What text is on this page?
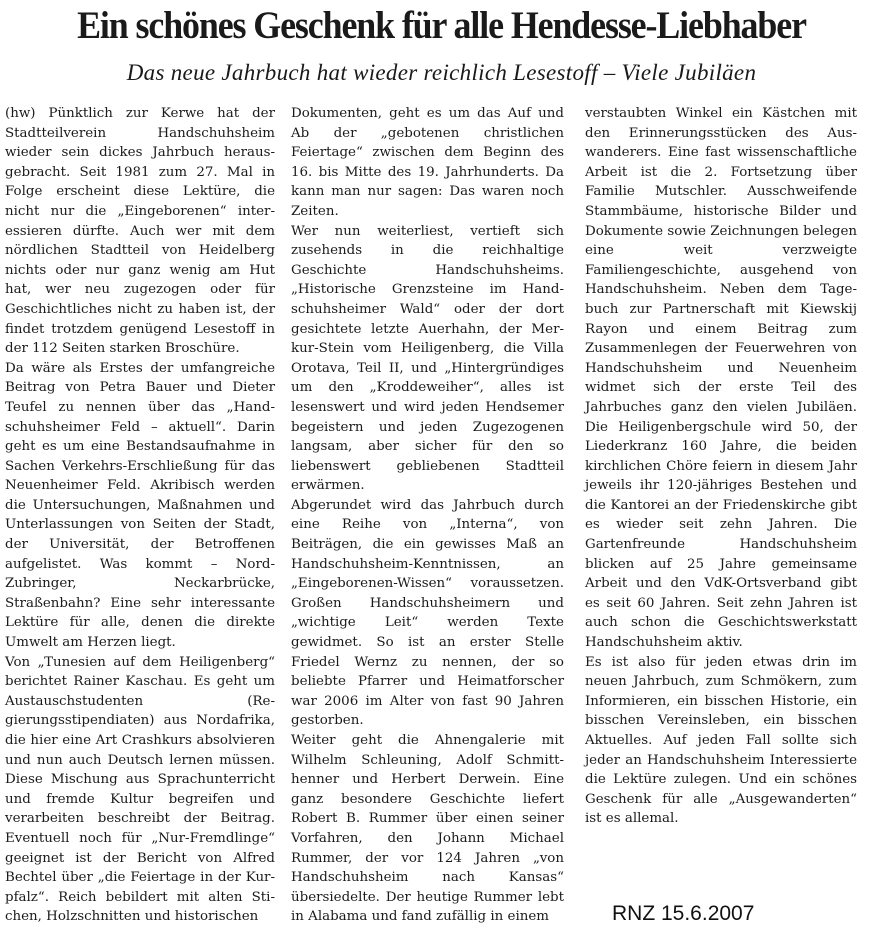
Ein schönes Geschenk für alle Hendesse-Liebhaber
Das neue Jahrbuch hat wieder reichlich Lesestoff – Viele Jubiläen

(hw) Pünktlich zur Kerwe hat der Stadtteilverein Handschuhsheim wieder sein dickes Jahrbuch herausgebracht. Seit 1981 zum 27. Mal in Folge erscheint diese Lektüre, die nicht nur die „Eingeborenen“ interessieren dürfte. Auch wer mit dem nördlichen Stadtteil von Heidelberg nichts oder nur ganz wenig am Hut hat, wer neu zugezogen oder für Geschichtliches nicht zu haben ist, der findet trotzdem genügend Lesestoff in der 112 Seiten starken Broschüre.

Da wäre als Erstes der umfangreiche Beitrag von Petra Bauer und Dieter Teufel zu nennen über das „Handschuhsheimer Feld – aktuell“. Darin geht es um eine Bestandsaufnahme in Sachen Verkehrs-Erschließung für das Neuenheimer Feld. Akribisch werden die Untersuchungen, Maßnahmen und Unterlassungen von Seiten der Stadt, der Universität, der Betroffenen aufgelistet. Was kommt – Nord-Zubringer, Neckarbrücke, Straßenbahn? Eine sehr interessante Lektüre für alle, denen die direkte Umwelt am Herzen liegt.

Von „Tunesien auf dem Heiligenberg“ berichtet Rainer Kaschau. Es geht um Austauschstudenten (Regierungsstipendiaten) aus Nordafrika, die hier eine Art Crashkurs absolvieren und nun auch Deutsch lernen müssen. Diese Mischung aus Sprachunterricht und fremde Kultur begreifen und verarbeiten beschreibt der Beitrag. Eventuell noch für „Nur-Fremdlinge“ geeignet ist der Bericht von Alfred Bechtel über „die Feiertage in der Kurpfalz“. Reich bebildert mit alten Stichen, Holzschnitten und historischen

Dokumenten, geht es um das Auf und Ab der „gebotenen christlichen Feiertage“ zwischen dem Beginn des 16. bis Mitte des 19. Jahrhunderts. Da kann man nur sagen: Das waren noch Zeiten.

Wer nun weiterliest, vertieft sich zusehends in die reichhaltige Geschichte Handschuhsheims. „Historische Grenzsteine im Handschuhsheimer Wald“ oder der dort gesichtete letzte Auerhahn, der Merkur-Stein vom Heiligenberg, die Villa Orotava, Teil II, und „Hintergründiges um den „Kroddeweiher“, alles ist lesenswert und wird jeden Hendsemer begeistern und jeden Zugezogenen langsam, aber sicher für den so liebenswert gebliebenen Stadtteil erwärmen.

Abgerundet wird das Jahrbuch durch eine Reihe von „Interna“, von Beiträgen, die ein gewisses Maß an Handschuhsheim-Kenntnissen, an „Eingeborenen-Wissen“ voraussetzen. Großen Handschuhsheimern und „wichtige Leit“ werden Texte gewidmet. So ist an erster Stelle Friedel Wernz zu nennen, der so beliebte Pfarrer und Heimatforscher war 2006 im Alter von fast 90 Jahren gestorben.

Weiter geht die Ahnengalerie mit Wilhelm Schleuning, Adolf Schmitthenner und Herbert Derwein. Eine ganz besondere Geschichte liefert Robert B. Rummer über einen seiner Vorfahren, den Johann Michael Rummer, der vor 124 Jahren „von Handschuhsheim nach Kansas“ übersiedelte. Der heutige Rummer lebt in Alabama und fand zufällig in einem

verstaubten Winkel ein Kästchen mit den Erinnerungsstücken des Auswanderers. Eine fast wissenschaftliche Arbeit ist die 2. Fortsetzung über Familie Mutschler. Ausschweifende Stammbäume, historische Bilder und Dokumente sowie Zeichnungen belegen eine weit verzweigte Familiengeschichte, ausgehend von Handschuhsheim. Neben dem Tagebuch zur Partnerschaft mit Kiewskij Rayon und einem Beitrag zum Zusammenlegen der Feuerwehren von Handschuhsheim und Neuenheim widmet sich der erste Teil des Jahrbuches ganz den vielen Jubiläen. Die Heiligenbergschule wird 50, der Liederkranz 160 Jahre, die beiden kirchlichen Chöre feiern in diesem Jahr jeweils ihr 120-jähriges Bestehen und die Kantorei an der Friedenskirche gibt es wieder seit zehn Jahren. Die Gartenfreunde Handschuhsheim blicken auf 25 Jahre gemeinsame Arbeit und den VdK-Ortsverband gibt es seit 60 Jahren. Seit zehn Jahren ist auch schon die Geschichtswerkstatt Handschuhsheim aktiv.

Es ist also für jeden etwas drin im neuen Jahrbuch, zum Schmökern, zum Informieren, ein bisschen Historie, ein bisschen Vereinsleben, ein bisschen Aktuelles. Auf jeden Fall sollte sich jeder an Handschuhsheim Interessierte die Lektüre zulegen. Und ein schönes Geschenk für alle „Ausgewanderten“ ist es allemal.

RNZ 15.6.2007
